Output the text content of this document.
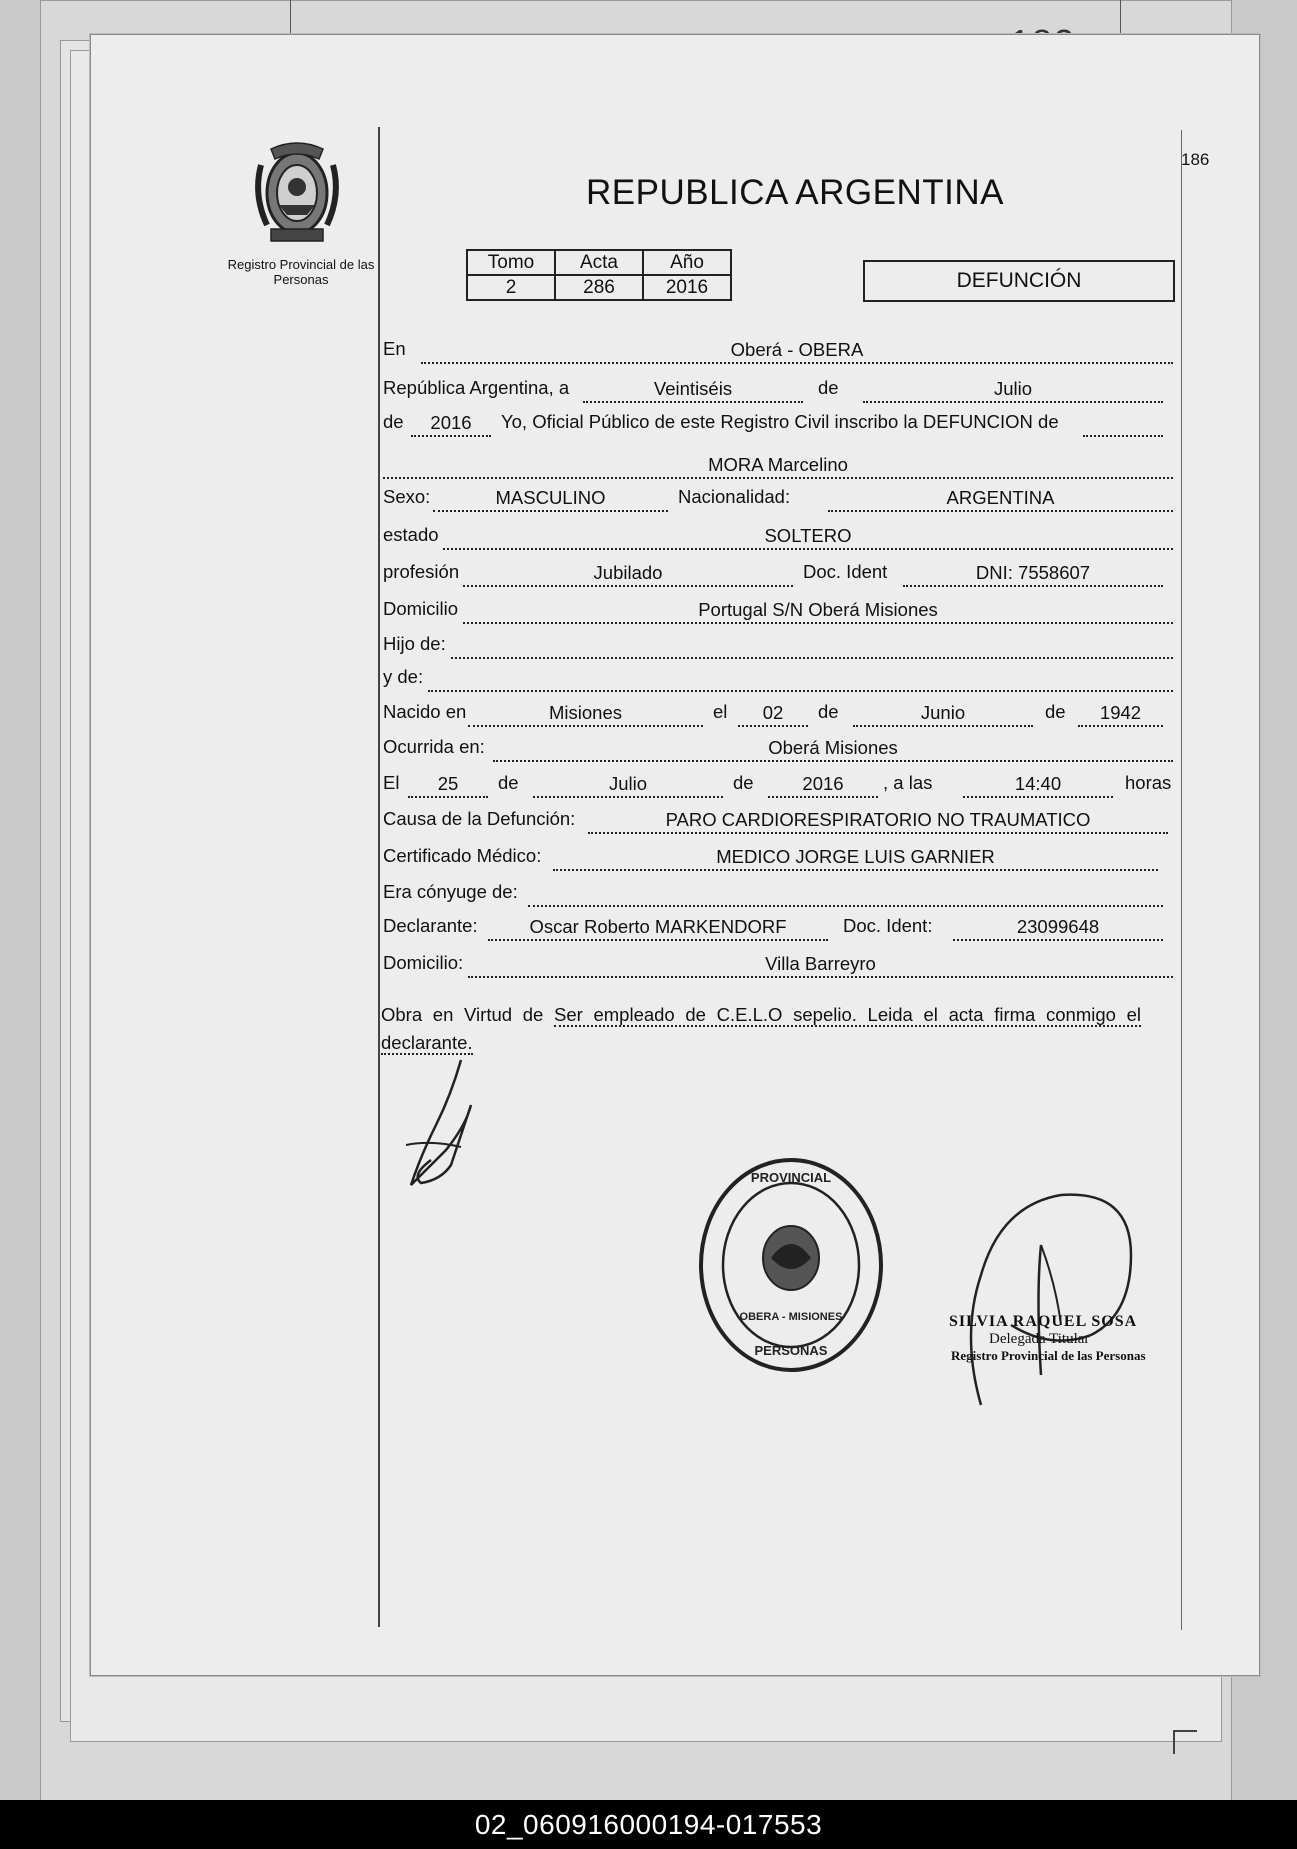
Registro Provincial de las Personas
186
REPUBLICA ARGENTINA
Tomo	Acta	Año
2	286	2016	DEFUNCIÓN
En	Oberá - OBERA
República Argentina, a	Veintiséis	de	Julio
de	2016	Yo, Oficial Público de este Registro Civil inscribo la DEFUNCION de
MORA Marcelino
Sexo:	MASCULINO	Nacionalidad:	ARGENTINA
estado	SOLTERO
profesión	Jubilado	Doc. Ident	DNI: 7558607
Domicilio	Portugal S/N Oberá Misiones
Hijo de:
y de:
Nacido en	Misiones	el	02	de	Junio	de	1942
Ocurrida en:	Oberá Misiones
El	25	de	Julio	de	2016	, a las	14:40	horas
Causa de la Defunción:	PARO CARDIORESPIRATORIO NO TRAUMATICO
Certificado Médico:	MEDICO JORGE LUIS GARNIER
Era cónyuge de:
Declarante:	Oscar Roberto MARKENDORF	Doc. Ident:	23099648
Domicilio:	Villa Barreyro
Obra en Virtud de Ser empleado de C.E.L.O sepelio. Leida el acta firma conmigo el declarante.
PROVINCIAL
PERSONAS
OBERA - MISIONES	SILVIA RAQUEL SOSA
Delegada Titular
Registro Provincial de las Personas
02_060916000194-017553
